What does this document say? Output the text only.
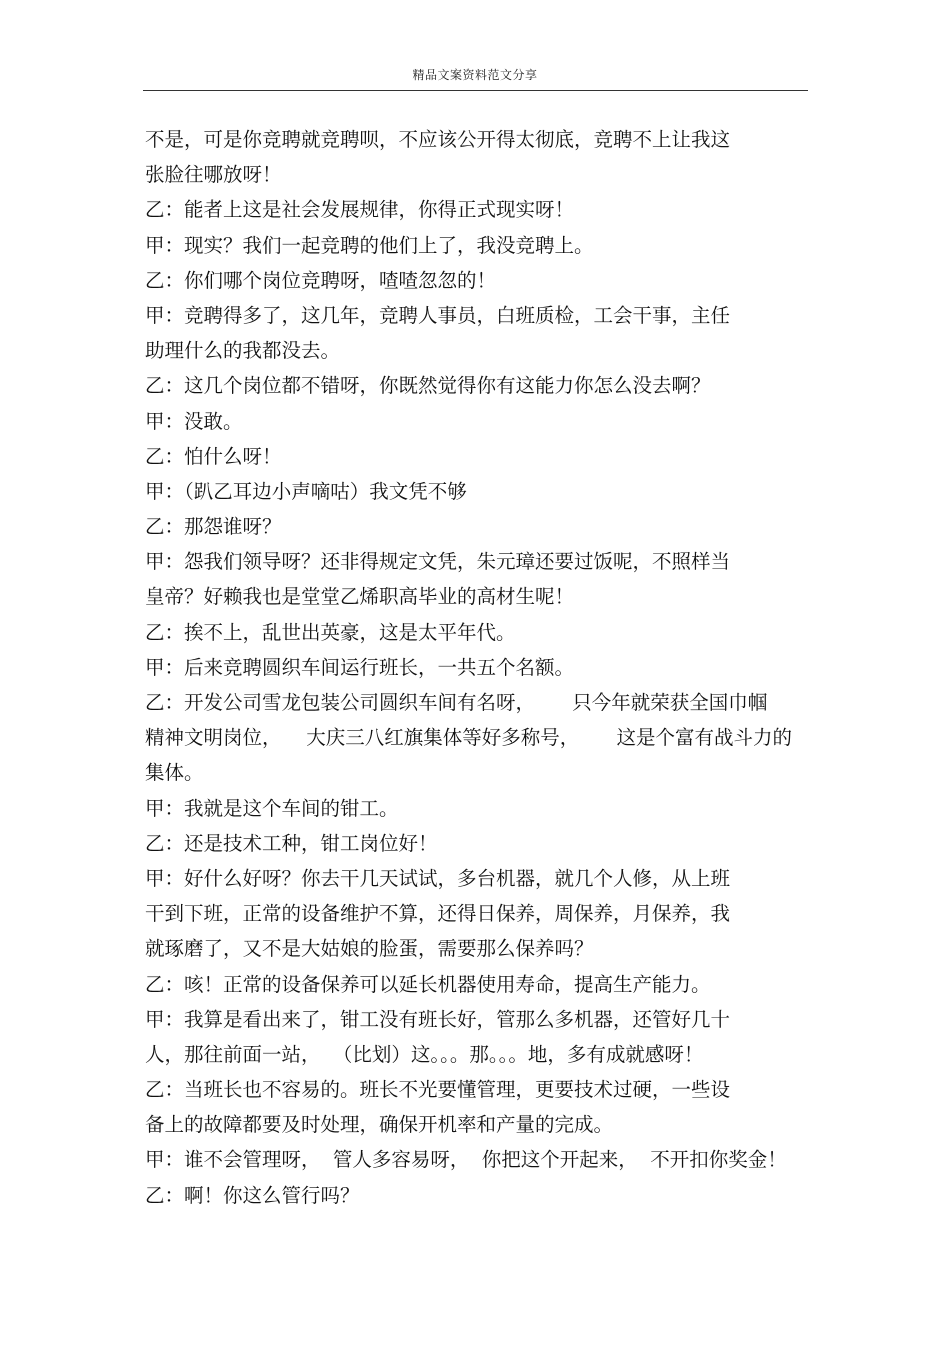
精品文案资料范文分享
不是，可是你竞聘就竞聘呗，不应该公开得太彻底，竞聘不上让我这
张脸往哪放呀！
乙：能者上这是社会发展规律，你得正式现实呀！
甲：现实？我们一起竞聘的他们上了，我没竞聘上。
乙：你们哪个岗位竞聘呀，喳喳忽忽的！
甲：竞聘得多了，这几年，竞聘人事员，白班质检，工会干事，主任
助理什么的我都没去。
乙：这几个岗位都不错呀，你既然觉得你有这能力你怎么没去啊？
甲：没敢。
乙：怕什么呀！
甲：（趴乙耳边小声嘀咕）我文凭不够
乙：那怨谁呀？
甲：怨我们领导呀？还非得规定文凭，朱元璋还要过饭呢，不照样当
皇帝？好赖我也是堂堂乙烯职高毕业的高材生呢！
乙：挨不上，乱世出英豪，这是太平年代。
甲：后来竞聘圆织车间运行班长，一共五个名额。
乙：开发公司雪龙包装公司圆织车间有名呀，      只今年就荣获全国巾帼
精神文明岗位，    大庆三八红旗集体等好多称号，      这是个富有战斗力的
集体。
甲：我就是这个车间的钳工。
乙：还是技术工种，钳工岗位好！
甲：好什么好呀？你去干几天试试，多台机器，就几个人修，从上班
干到下班，正常的设备维护不算，还得日保养，周保养，月保养，我
就琢磨了，又不是大姑娘的脸蛋，需要那么保养吗？
乙：咳！正常的设备保养可以延长机器使用寿命，提高生产能力。
甲：我算是看出来了，钳工没有班长好，管那么多机器，还管好几十
人，那往前面一站，  （比划）这。。。那。。。地，多有成就感呀！
乙：当班长也不容易的。班长不光要懂管理，更要技术过硬，一些设
备上的故障都要及时处理，确保开机率和产量的完成。
甲：谁不会管理呀，  管人多容易呀，  你把这个开起来，  不开扣你奖金！
乙：啊！你这么管行吗？
